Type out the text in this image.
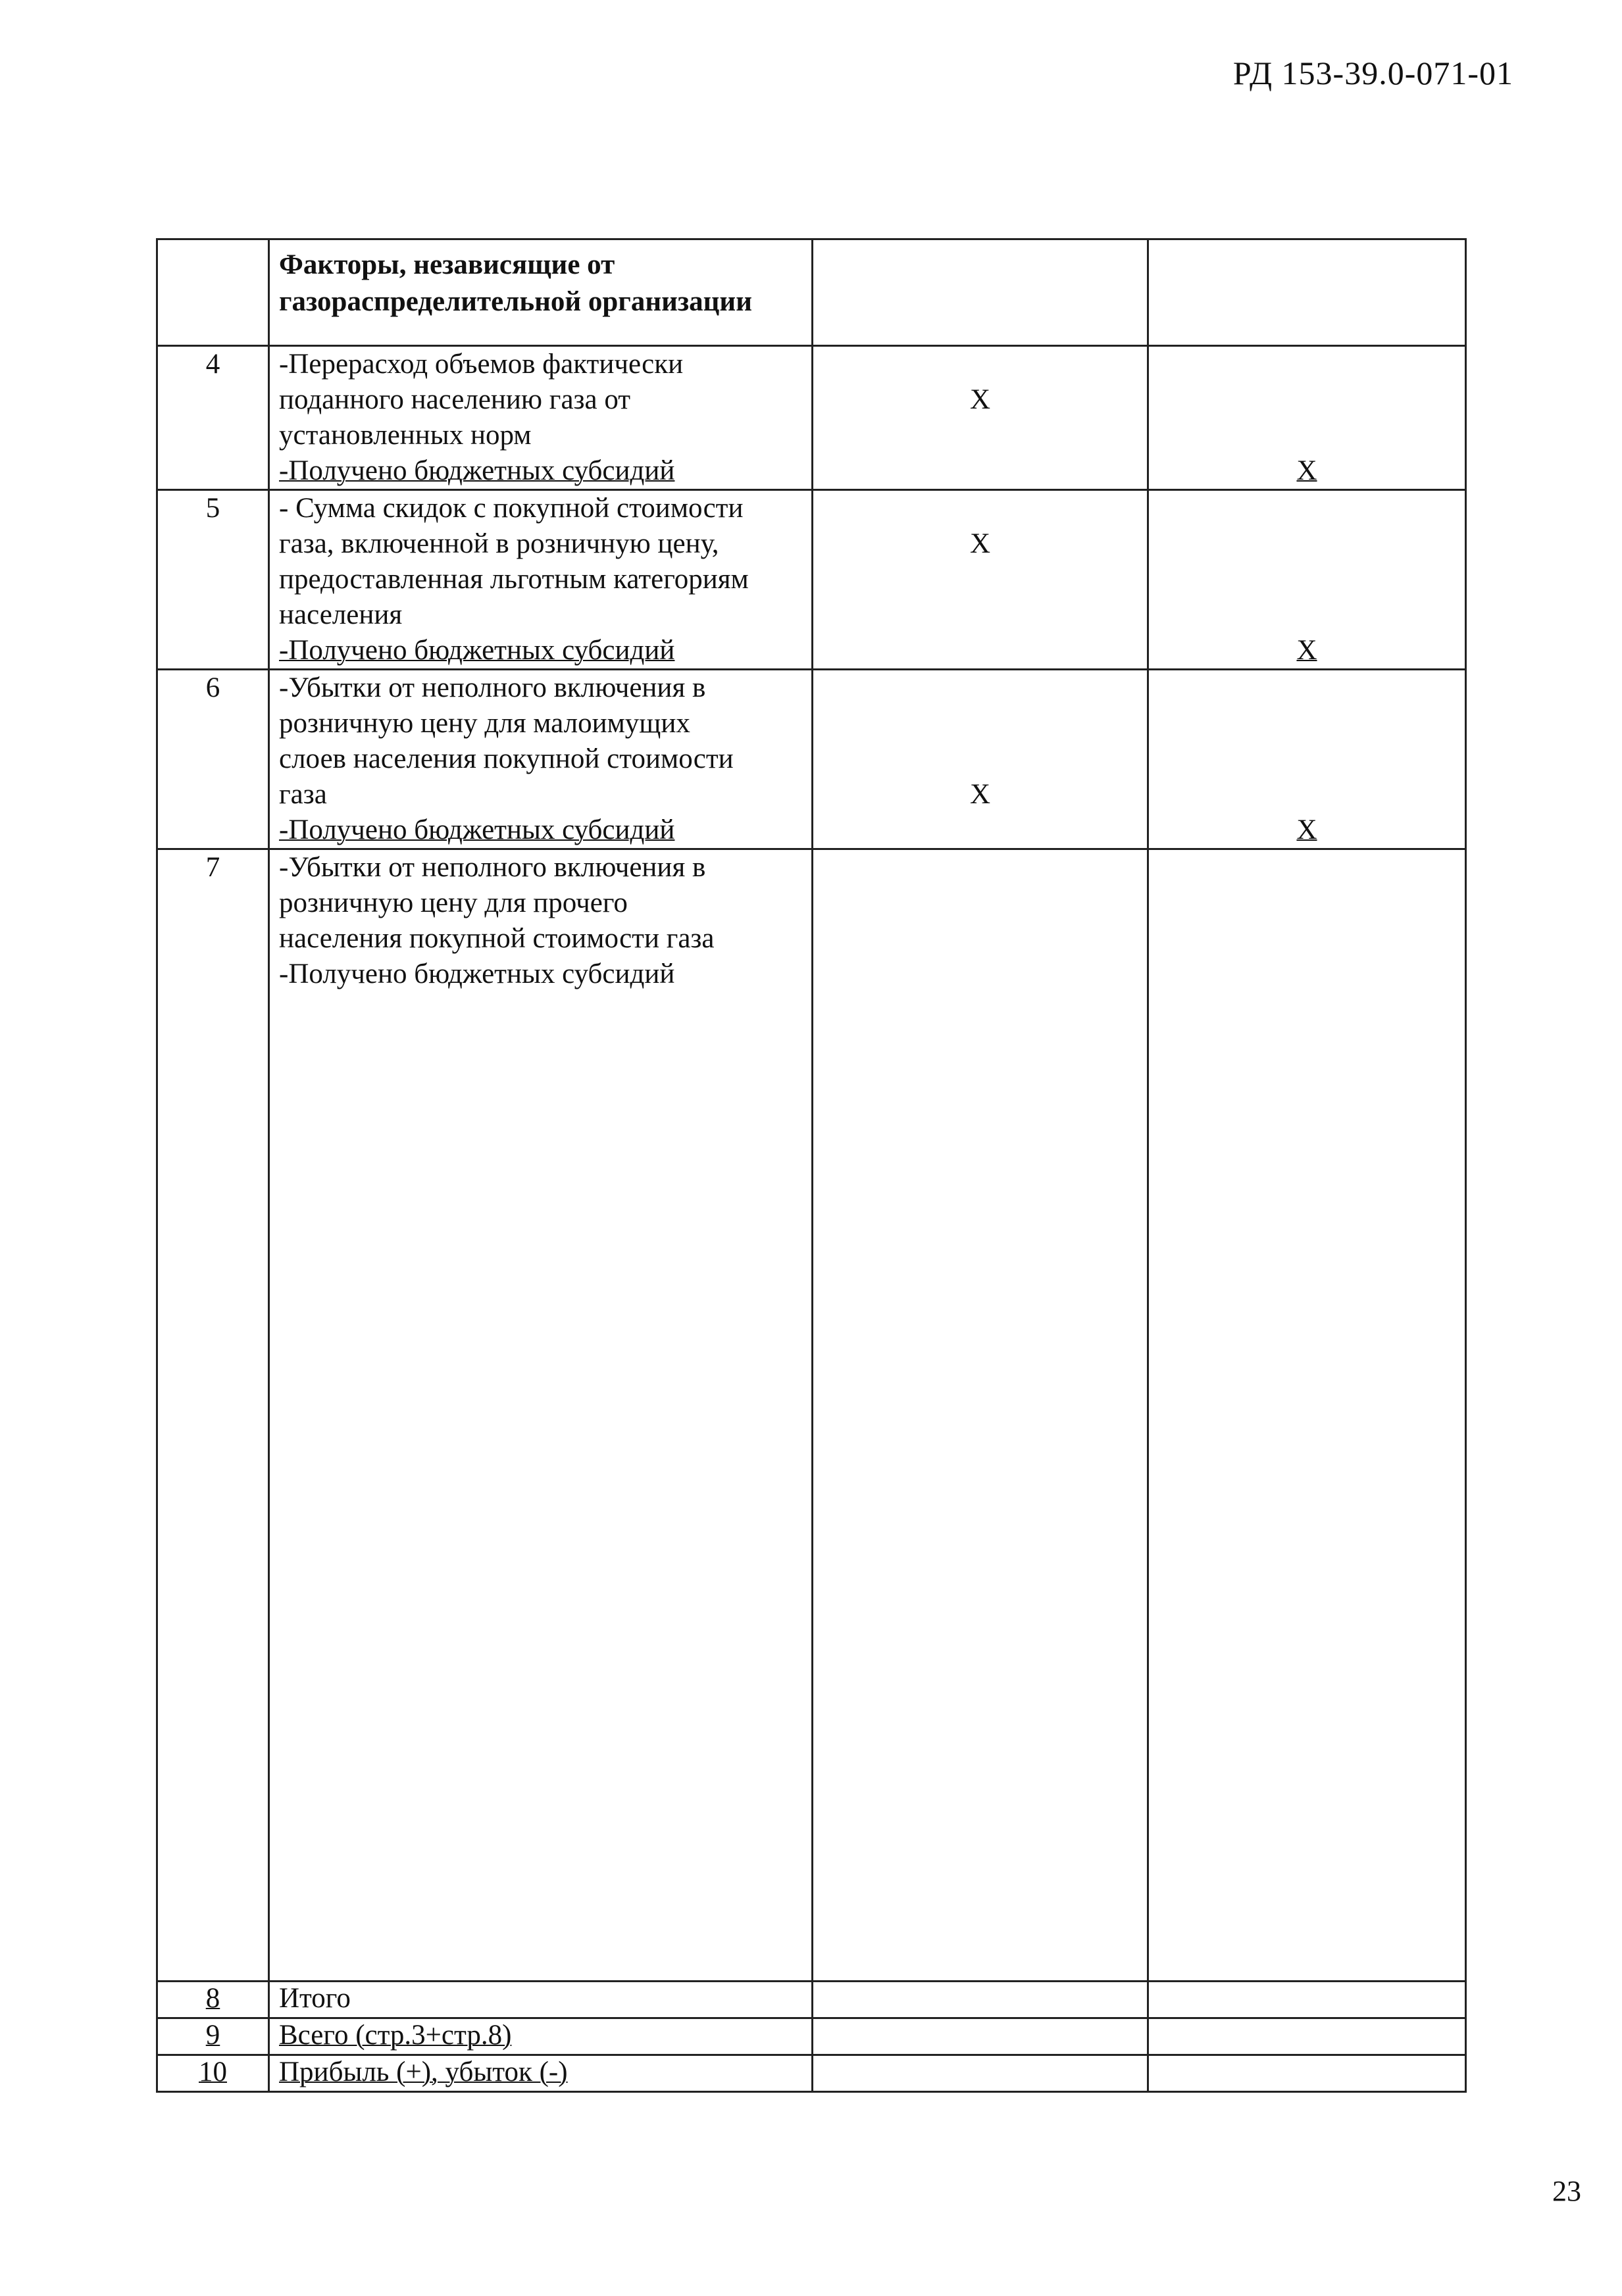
РД 153-39.0-071-01

	Факторы, независящие от газораспределительной организации		

4	-Перерасход объемов фактически
поданного населению газа от
установленных норм
-Получено бюджетных субсидий	Х	Х

5	- Сумма скидок с покупной стоимости
газа, включенной в розничную цену,
предоставленная льготным категориям
населения
-Получено бюджетных субсидий	Х	Х

6	-Убытки от неполного включения в
розничную цену для малоимущих
слоев населения покупной стоимости
газа
-Получено бюджетных субсидий	Х	Х

7	-Убытки от неполного включения в
розничную цену для прочего
населения покупной стоимости газа
-Получено бюджетных субсидий		

8	Итого		
9	Всего (стр.3+стр.8)		
10	Прибыль (+), убыток (-)		
23
